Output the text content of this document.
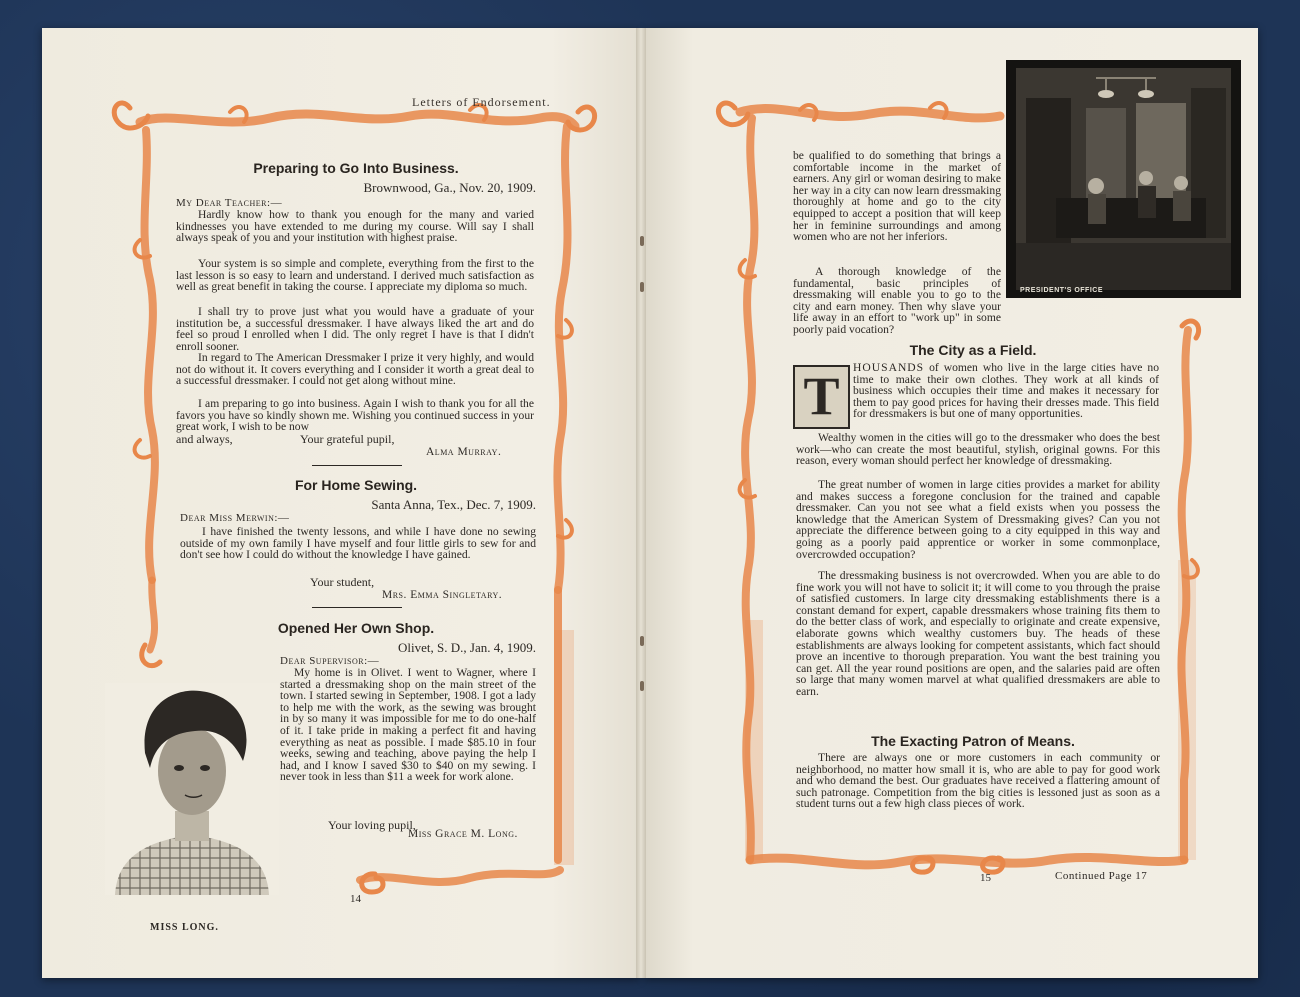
Letters of Endorsement.
Preparing to Go Into Business.
Brownwood, Ga., Nov. 20, 1909.
My Dear Teacher:—

Hardly know how to thank you enough for the many and varied kindnesses you have extended to me during my course. Will say I shall always speak of you and your institution with highest praise.

Your system is so simple and complete, everything from the first to the last lesson is so easy to learn and understand. I derived much satisfaction as well as great benefit in taking the course. I appreciate my diploma so much.

I shall try to prove just what you would have a graduate of your institution be, a successful dressmaker. I have always liked the art and do feel so proud I enrolled when I did. The only regret I have is that I didn't enroll sooner.

In regard to The American Dressmaker I prize it very highly, and would not do without it. It covers everything and I consider it worth a great deal to a successful dressmaker. I could not get along without mine.

I am preparing to go into business. Again I wish to thank you for all the favors you have so kindly shown me. Wishing you continued success in your great work, I wish to be now

and always,	Your grateful pupil,
Alma Murray.
For Home Sewing.
Santa Anna, Tex., Dec. 7, 1909.
Dear Miss Merwin:—

I have finished the twenty lessons, and while I have done no sewing outside of my own family I have myself and four little girls to sew for and don't see how I could do without the knowledge I have gained.

Your student,
Mrs. Emma Singletary.
Opened Her Own Shop.
Olivet, S. D., Jan. 4, 1909.
Dear Supervisor:—

My home is in Olivet. I went to Wagner, where I started a dressmaking shop on the main street of the town. I started sewing in September, 1908. I got a lady to help me with the work, as the sewing was brought in by so many it was impossible for me to do one-half of it. I take pride in making a perfect fit and having everything as neat as possible. I made $85.10 in four weeks, sewing and teaching, above paying the help I had, and I know I saved $30 to $40 on my sewing. I never took in less than $11 a week for work alone.

Your loving pupil,
Miss Grace M. Long.
MISS LONG.
14
PRESIDENT'S OFFICE

be qualified to do something that brings a comfortable income in the market of earners. Any girl or woman desiring to make her way in a city can now learn dressmaking thoroughly at home and go to the city equipped to accept a position that will keep her in feminine surroundings and among women who are not her inferiors.

A thorough knowledge of the fundamental, basic principles of dressmaking will enable you to go to the city and earn money. Then why slave your life away in an effort to "work up" in some poorly paid vocation?

The City as a Field.
T	HOUSANDS of women who live in the large cities have no time to make their own clothes. They work at all kinds of business which occupies their time and makes it necessary for them to pay good prices for having their dresses made. This field for dressmakers is but one of many opportunities.

Wealthy women in the cities will go to the dressmaker who does the best work—who can create the most beautiful, stylish, original gowns. For this reason, every woman should perfect her knowledge of dressmaking.

The great number of women in large cities provides a market for ability and makes success a foregone conclusion for the trained and capable dressmaker. Can you not see what a field exists when you possess the knowledge that the American System of Dressmaking gives? Can you not appreciate the difference between going to a city equipped in this way and going as a poorly paid apprentice or worker in some commonplace, overcrowded occupation?

The dressmaking business is not overcrowded. When you are able to do fine work you will not have to solicit it; it will come to you through the praise of satisfied customers. In large city dressmaking establishments there is a constant demand for expert, capable dressmakers whose training fits them to do the better class of work, and especially to originate and create expensive, elaborate gowns which wealthy customers buy. The heads of these establishments are always looking for competent assistants, which fact should prove an incentive to thorough preparation. You want the best training you can get. All the year round positions are open, and the salaries paid are often so large that many women marvel at what qualified dressmakers are able to earn.

The Exacting Patron of Means.

There are always one or more customers in each community or neighborhood, no matter how small it is, who are able to pay for good work and who demand the best. Our graduates have received a flattering amount of such patronage. Competition from the big cities is lessoned just as soon as a student turns out a few high class pieces of work.

15	Continued Page 17
